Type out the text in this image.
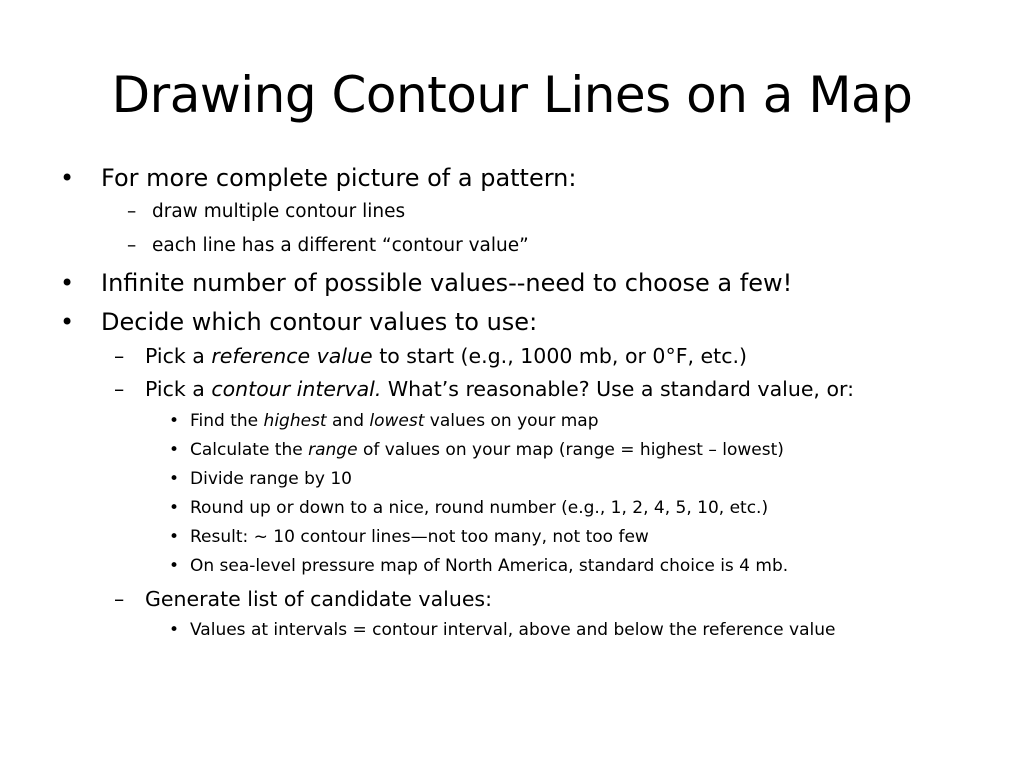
Drawing Contour Lines on a Map
• For more complete picture of a pattern:
– draw multiple contour lines
– each line has a different “contour value”
• Infinite number of possible values--need to choose a few!
• Decide which contour values to use:
– Pick a reference value to start (e.g., 1000 mb, or 0°F, etc.)
– Pick a contour interval. What’s reasonable? Use a standard value, or:
• Find the highest and lowest values on your map
• Calculate the range of values on your map (range = highest – lowest)
• Divide range by 10
• Round up or down to a nice, round number (e.g., 1, 2, 4, 5, 10, etc.)
• Result: ~ 10 contour lines—not too many, not too few
• On sea-level pressure map of North America, standard choice is 4 mb.
– Generate list of candidate values:
• Values at intervals = contour interval, above and below the reference value
